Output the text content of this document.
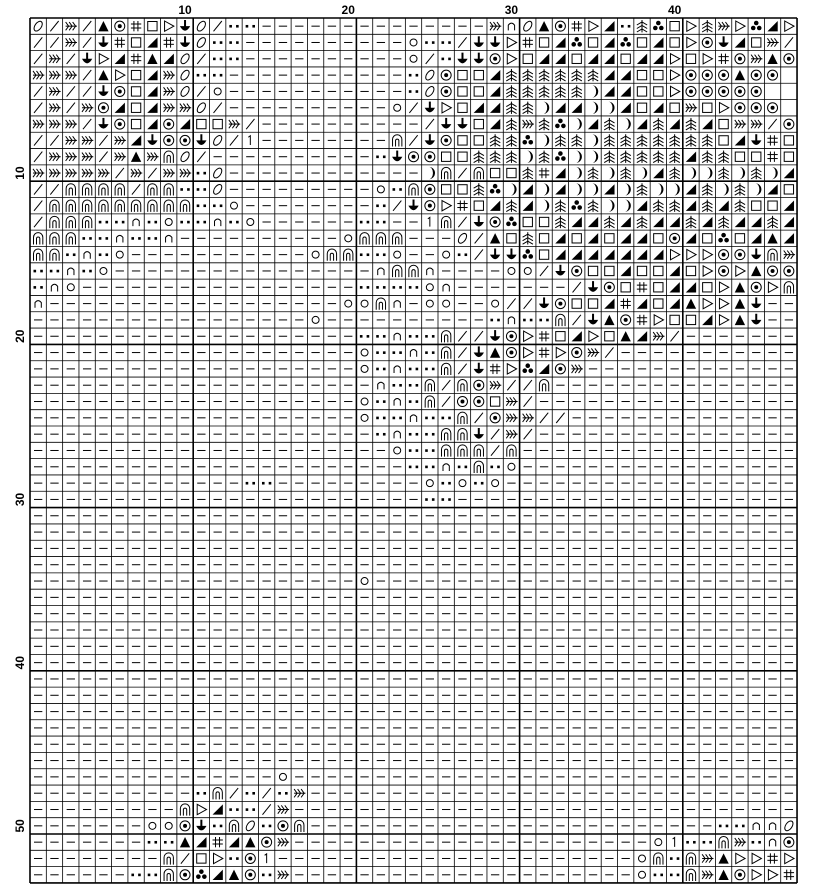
10	20	30	40
10
20
30
40
50
